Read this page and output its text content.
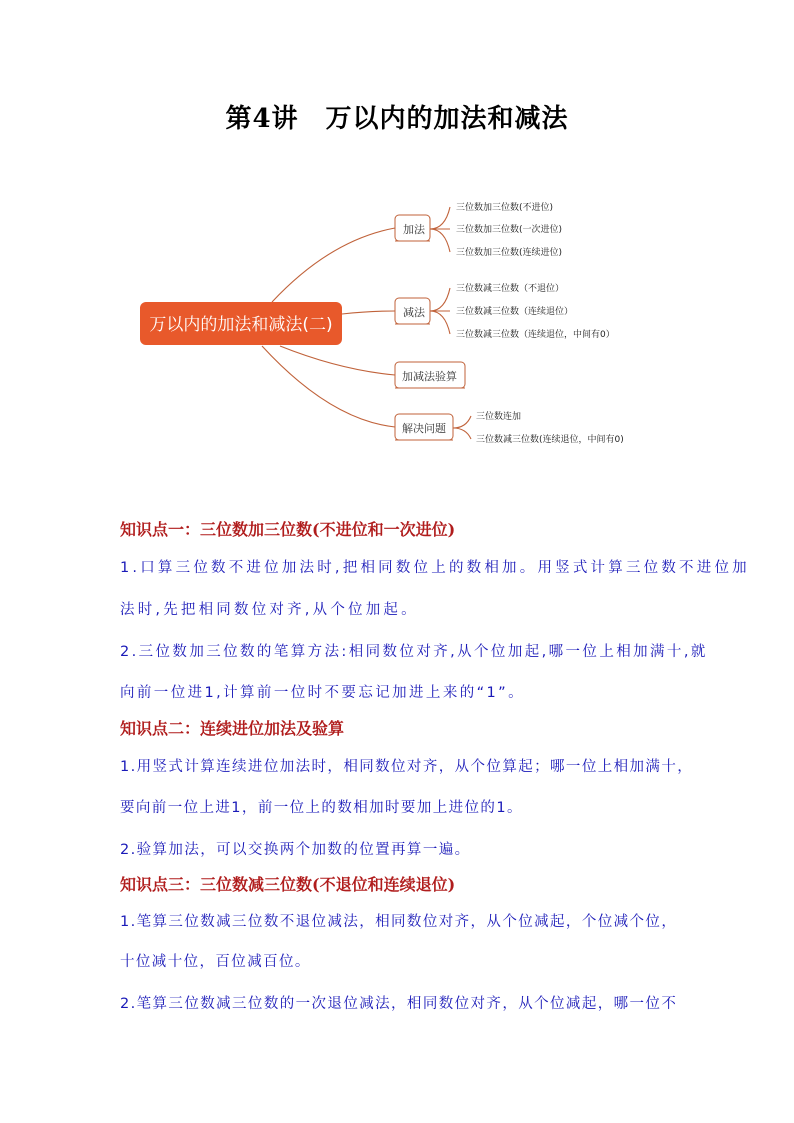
第4讲　万以内的加法和减法
万以内的加法和减法(二)
加法
减法
加减法验算
解决问题
三位数加三位数(不进位)
三位数加三位数(一次进位)
三位数加三位数(连续进位)
三位数减三位数（不退位）
三位数减三位数（连续退位）
三位数减三位数（连续退位，中间有0）
三位数连加
三位数减三位数(连续退位，中间有0)
知识点一：三位数加三位数(不进位和一次进位)
1.口算三位数不进位加法时,把相同数位上的数相加。用竖式计算三位数不进位加
法时,先把相同数位对齐,从个位加起。
2.三位数加三位数的笔算方法:相同数位对齐,从个位加起,哪一位上相加满十,就
向前一位进1,计算前一位时不要忘记加进上来的“1”。
知识点二：连续进位加法及验算
1.用竖式计算连续进位加法时，相同数位对齐，从个位算起；哪一位上相加满十，
要向前一位上进1，前一位上的数相加时要加上进位的1。
2.验算加法，可以交换两个加数的位置再算一遍。
知识点三：三位数减三位数(不退位和连续退位)
1.笔算三位数减三位数不退位减法，相同数位对齐，从个位减起，个位减个位，
十位减十位，百位减百位。
2.笔算三位数减三位数的一次退位减法，相同数位对齐，从个位减起，哪一位不
